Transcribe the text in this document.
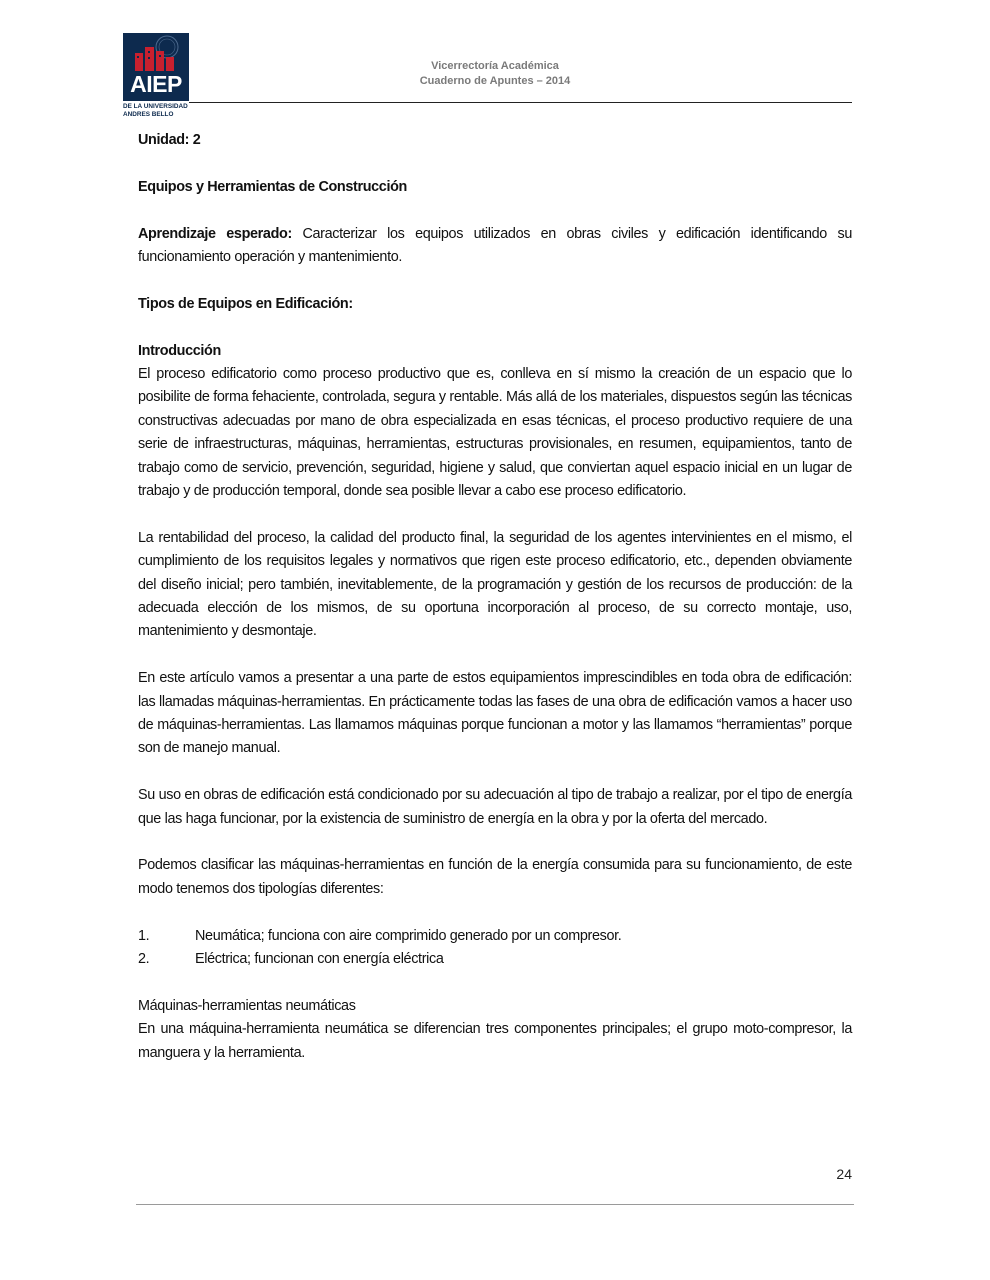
AIEP
DE LA UNIVERSIDAD
ANDRES BELLO
Vicerrectoría Académica
Cuaderno de Apuntes – 2014

Unidad: 2

Equipos y Herramientas de Construcción

Aprendizaje esperado: Caracterizar los equipos utilizados en obras civiles y edificación identificando su funcionamiento operación y mantenimiento.

Tipos de Equipos en Edificación:

Introducción

El proceso edificatorio como proceso productivo que es, conlleva en sí mismo la creación de un espacio que lo posibilite de forma fehaciente, controlada, segura y rentable. Más allá de los materiales, dispuestos según las técnicas constructivas adecuadas por mano de obra especializada en esas técnicas, el proceso productivo requiere de una serie de infraestructuras, máquinas, herramientas, estructuras provisionales, en resumen, equipamientos, tanto de trabajo como de servicio, prevención, seguridad, higiene y salud, que conviertan aquel espacio inicial en un lugar de trabajo y de producción temporal, donde sea posible llevar a cabo ese proceso edificatorio.

La rentabilidad del proceso, la calidad del producto final, la seguridad de los agentes intervinientes en el mismo, el cumplimiento de los requisitos legales y normativos que rigen este proceso edificatorio, etc., dependen obviamente del diseño inicial; pero también, inevitablemente, de la programación y gestión de los recursos de producción: de la adecuada elección de los mismos, de su oportuna incorporación al proceso, de su correcto montaje, uso, mantenimiento y desmontaje.

En este artículo vamos a presentar a una parte de estos equipamientos imprescindibles en toda obra de edificación: las llamadas máquinas-herramientas. En prácticamente todas las fases de una obra de edificación vamos a hacer uso de máquinas-herramientas. Las llamamos máquinas porque funcionan a motor y las llamamos “herramientas” porque son de manejo manual.

Su uso en obras de edificación está condicionado por su adecuación al tipo de trabajo a realizar, por el tipo de energía que las haga funcionar, por la existencia de suministro de energía en la obra y por la oferta del mercado.

Podemos clasificar las máquinas-herramientas en función de la energía consumida para su funcionamiento, de este modo tenemos dos tipologías diferentes:

1.	Neumática; funciona con aire comprimido generado por un compresor.
2.	Eléctrica; funcionan con energía eléctrica

Máquinas-herramientas neumáticas

En una máquina-herramienta neumática se diferencian tres componentes principales; el grupo moto-compresor, la manguera y la herramienta.

24
